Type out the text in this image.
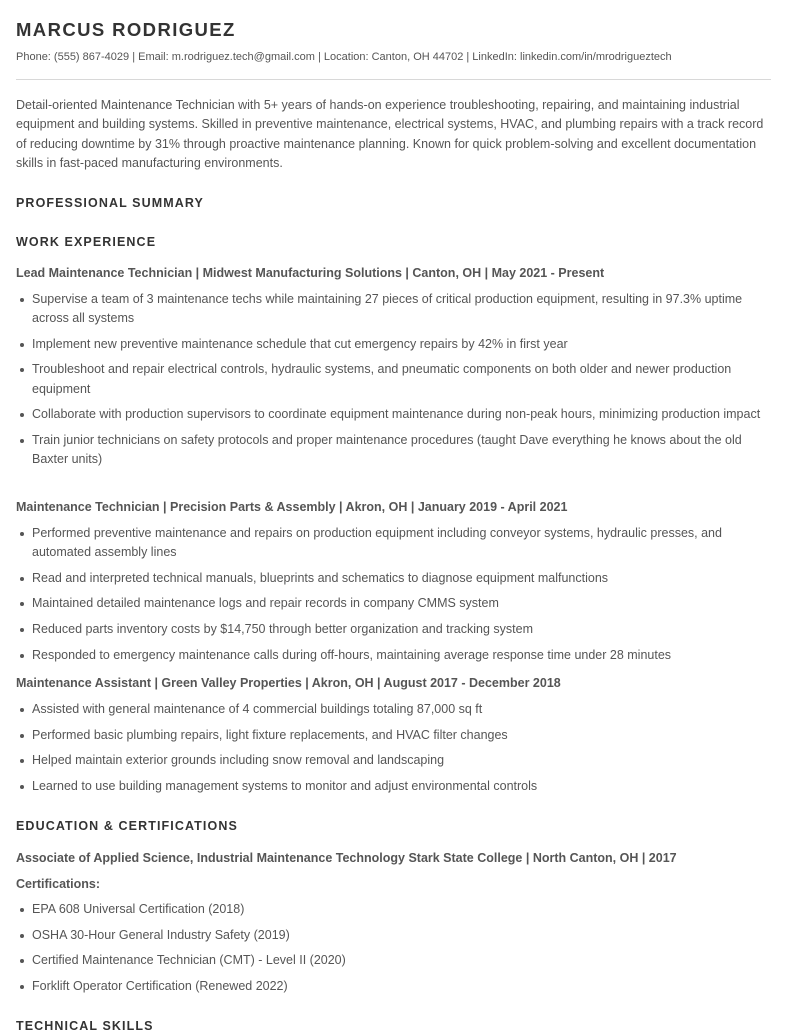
MARCUS RODRIGUEZ
Phone: (555) 867-4029 | Email: m.rodriguez.tech@gmail.com | Location: Canton, OH 44702 | LinkedIn: linkedin.com/in/mrodrigueztech

Detail-oriented Maintenance Technician with 5+ years of hands-on experience troubleshooting, repairing, and maintaining industrial equipment and building systems. Skilled in preventive maintenance, electrical systems, HVAC, and plumbing repairs with a track record of reducing downtime by 31% through proactive maintenance planning. Known for quick problem-solving and excellent documentation skills in fast-paced manufacturing environments.

PROFESSIONAL SUMMARY
WORK EXPERIENCE
Lead Maintenance Technician | Midwest Manufacturing Solutions | Canton, OH | May 2021 - Present
Supervise a team of 3 maintenance techs while maintaining 27 pieces of critical production equipment, resulting in 97.3% uptime across all systems
Implement new preventive maintenance schedule that cut emergency repairs by 42% in first year
Troubleshoot and repair electrical controls, hydraulic systems, and pneumatic components on both older and newer production equipment
Collaborate with production supervisors to coordinate equipment maintenance during non-peak hours, minimizing production impact
Train junior technicians on safety protocols and proper maintenance procedures (taught Dave everything he knows about the old Baxter units)
Maintenance Technician | Precision Parts & Assembly | Akron, OH | January 2019 - April 2021
Performed preventive maintenance and repairs on production equipment including conveyor systems, hydraulic presses, and automated assembly lines
Read and interpreted technical manuals, blueprints and schematics to diagnose equipment malfunctions
Maintained detailed maintenance logs and repair records in company CMMS system
Reduced parts inventory costs by $14,750 through better organization and tracking system
Responded to emergency maintenance calls during off-hours, maintaining average response time under 28 minutes
Maintenance Assistant | Green Valley Properties | Akron, OH | August 2017 - December 2018
Assisted with general maintenance of 4 commercial buildings totaling 87,000 sq ft
Performed basic plumbing repairs, light fixture replacements, and HVAC filter changes
Helped maintain exterior grounds including snow removal and landscaping
Learned to use building management systems to monitor and adjust environmental controls
EDUCATION & CERTIFICATIONS
Associate of Applied Science, Industrial Maintenance Technology Stark State College | North Canton, OH | 2017
Certifications:
EPA 608 Universal Certification (2018)
OSHA 30-Hour General Industry Safety (2019)
Certified Maintenance Technician (CMT) - Level II (2020)
Forklift Operator Certification (Renewed 2022)
TECHNICAL SKILLS
